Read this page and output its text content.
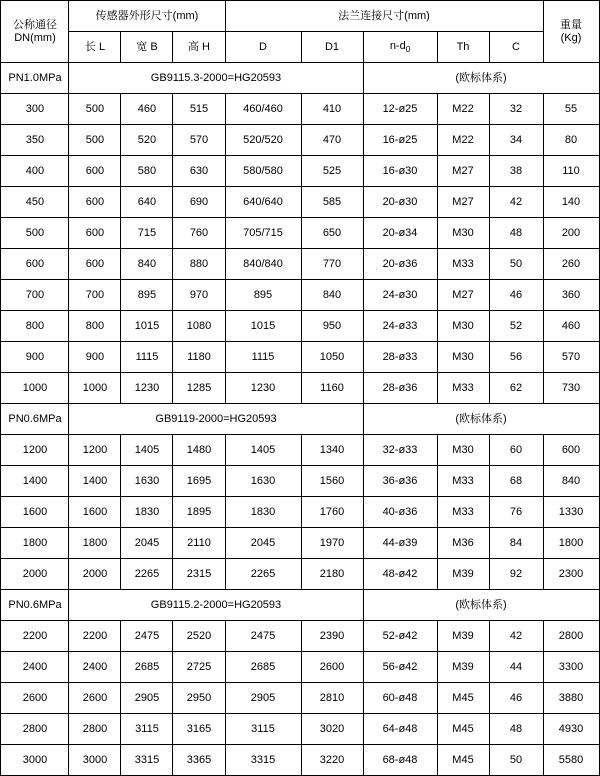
公称通径
DN(mm)	传感器外形尺寸(mm)			法兰连接尺寸(mm)					重量
(Kg)
	长 L	宽 B	高 H	D	D1	$n-d_0$	Th	C	
PN1.0MPa	GB9115.3-2000=HG20593					(欧标体系)			
300	500	460	515	460/460	410	12-ø25	M22	32	55
350	500	520	570	520/520	470	16-ø25	M22	34	80
400	600	580	630	580/580	525	16-ø30	M27	38	110
450	600	640	690	640/640	585	20-ø30	M27	42	140
500	600	715	760	705/715	650	20-ø34	M30	48	200
600	600	840	880	840/840	770	20-ø36	M33	50	260
700	700	895	970	895	840	24-ø30	M27	46	360
800	800	1015	1080	1015	950	24-ø33	M30	52	460
900	900	1115	1180	1115	1050	28-ø33	M30	56	570
1000	1000	1230	1285	1230	1160	28-ø36	M33	62	730
PN0.6MPa	GB9119-2000=HG20593					(欧标体系)			
1200	1200	1405	1480	1405	1340	32-ø33	M30	60	600
1400	1400	1630	1695	1630	1560	36-ø36	M33	68	840
1600	1600	1830	1895	1830	1760	40-ø36	M33	76	1330
1800	1800	2045	2110	2045	1970	44-ø39	M36	84	1800
2000	2000	2265	2315	2265	2180	48-ø42	M39	92	2300
PN0.6MPa	GB9115.2-2000=HG20593					(欧标体系)			
2200	2200	2475	2520	2475	2390	52-ø42	M39	42	2800
2400	2400	2685	2725	2685	2600	56-ø42	M39	44	3300
2600	2600	2905	2950	2905	2810	60-ø48	M45	46	3880
2800	2800	3115	3165	3115	3020	64-ø48	M45	48	4930
3000	3000	3315	3365	3315	3220	68-ø48	M45	50	5580
